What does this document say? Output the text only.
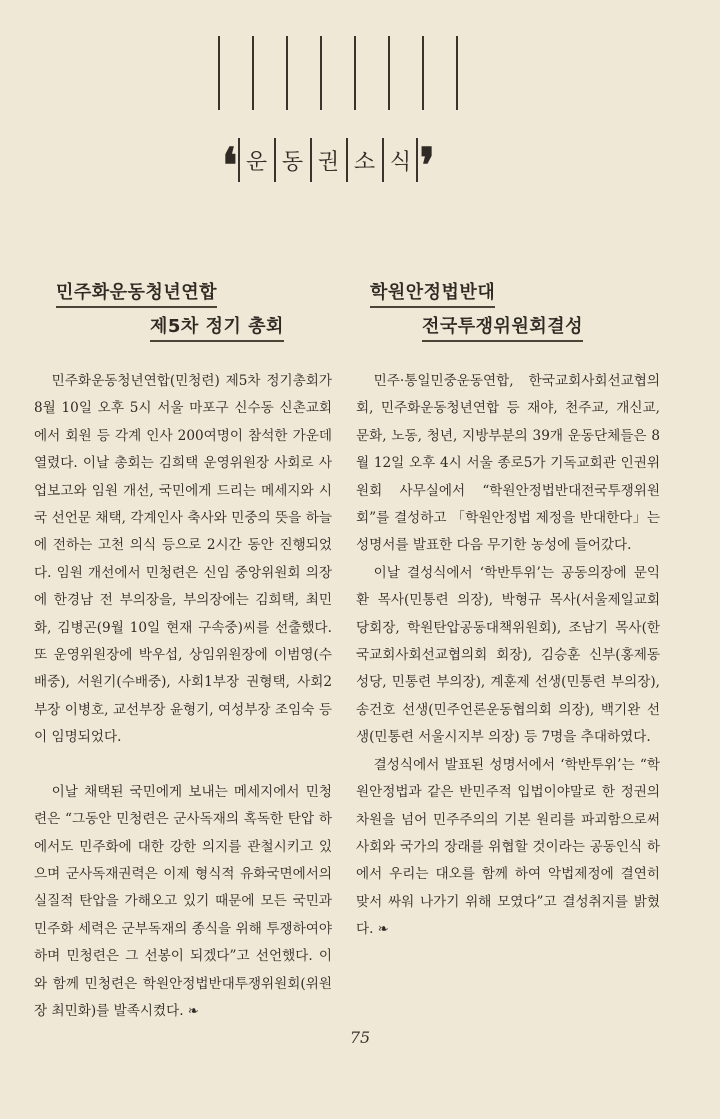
❛ 운 동 권 소 식 ❜
민주화운동청년연합
제5차 정기 총회

민주화운동청년연합(민청련) 제5차 정기총회가 8월 10일 오후 5시 서울 마포구 신수동 신촌교회에서 회원 등 각계 인사 200여명이 참석한 가운데 열렸다. 이날 총회는 김희택 운영위원장 사회로 사업보고와 임원 개선, 국민에게 드리는 메세지와 시국 선언문 채택, 각계인사 축사와 민중의 뜻을 하늘에 전하는 고천 의식 등으로 2시간 동안 진행되었다. 임원 개선에서 민청련은 신임 중앙위원회 의장에 한경남 전 부의장을, 부의장에는 김희택, 최민화, 김병곤(9월 10일 현재 구속중)씨를 선출했다. 또 운영위원장에 박우섭, 상임위원장에 이범영(수배중), 서원기(수배중), 사회1부장 권형택, 사회2부장 이병호, 교선부장 윤형기, 여성부장 조임숙 등이 임명되었다.

이날 채택된 국민에게 보내는 메세지에서 민청련은 “그동안 민청련은 군사독재의 혹독한 탄압 하에서도 민주화에 대한 강한 의지를 관철시키고 있으며 군사독재권력은 이제 형식적 유화국면에서의 실질적 탄압을 가해오고 있기 때문에 모든 국민과 민주화 세력은 군부독재의 종식을 위해 투쟁하여야 하며 민청련은 그 선봉이 되겠다”고 선언했다. 이와 함께 민청련은 학원안정법반대투쟁위원회(위원장 최민화)를 발족시켰다. ❧

학원안정법반대
전국투쟁위원회결성

민주·통일민중운동연합, 한국교회사회선교협의회, 민주화운동청년연합 등 재야, 천주교, 개신교, 문화, 노동, 청년, 지방부분의 39개 운동단체들은 8월 12일 오후 4시 서울 종로5가 기독교회관 인권위원회 사무실에서 “학원안정법반대전국투쟁위원회”를 결성하고 「학원안정법 제정을 반대한다」는 성명서를 발표한 다음 무기한 농성에 들어갔다.

이날 결성식에서 ‘학반투위’는 공동의장에 문익환 목사(민통련 의장), 박형규 목사(서울제일교회 당회장, 학원탄압공동대책위원회), 조남기 목사(한국교회사회선교협의회 회장), 김승훈 신부(홍제동 성당, 민통련 부의장), 계훈제 선생(민통련 부의장), 송건호 선생(민주언론운동협의회 의장), 백기완 선생(민통련 서울시지부 의장) 등 7명을 추대하였다.

결성식에서 발표된 성명서에서 ‘학반투위’는 “학원안정법과 같은 반민주적 입법이야말로 한 정권의 차원을 넘어 민주주의의 기본 원리를 파괴함으로써 사회와 국가의 장래를 위협할 것이라는 공동인식 하에서 우리는 대오를 함께 하여 악법제정에 결연히 맞서 싸워 나가기 위해 모였다”고 결성취지를 밝혔다. ❧

75
